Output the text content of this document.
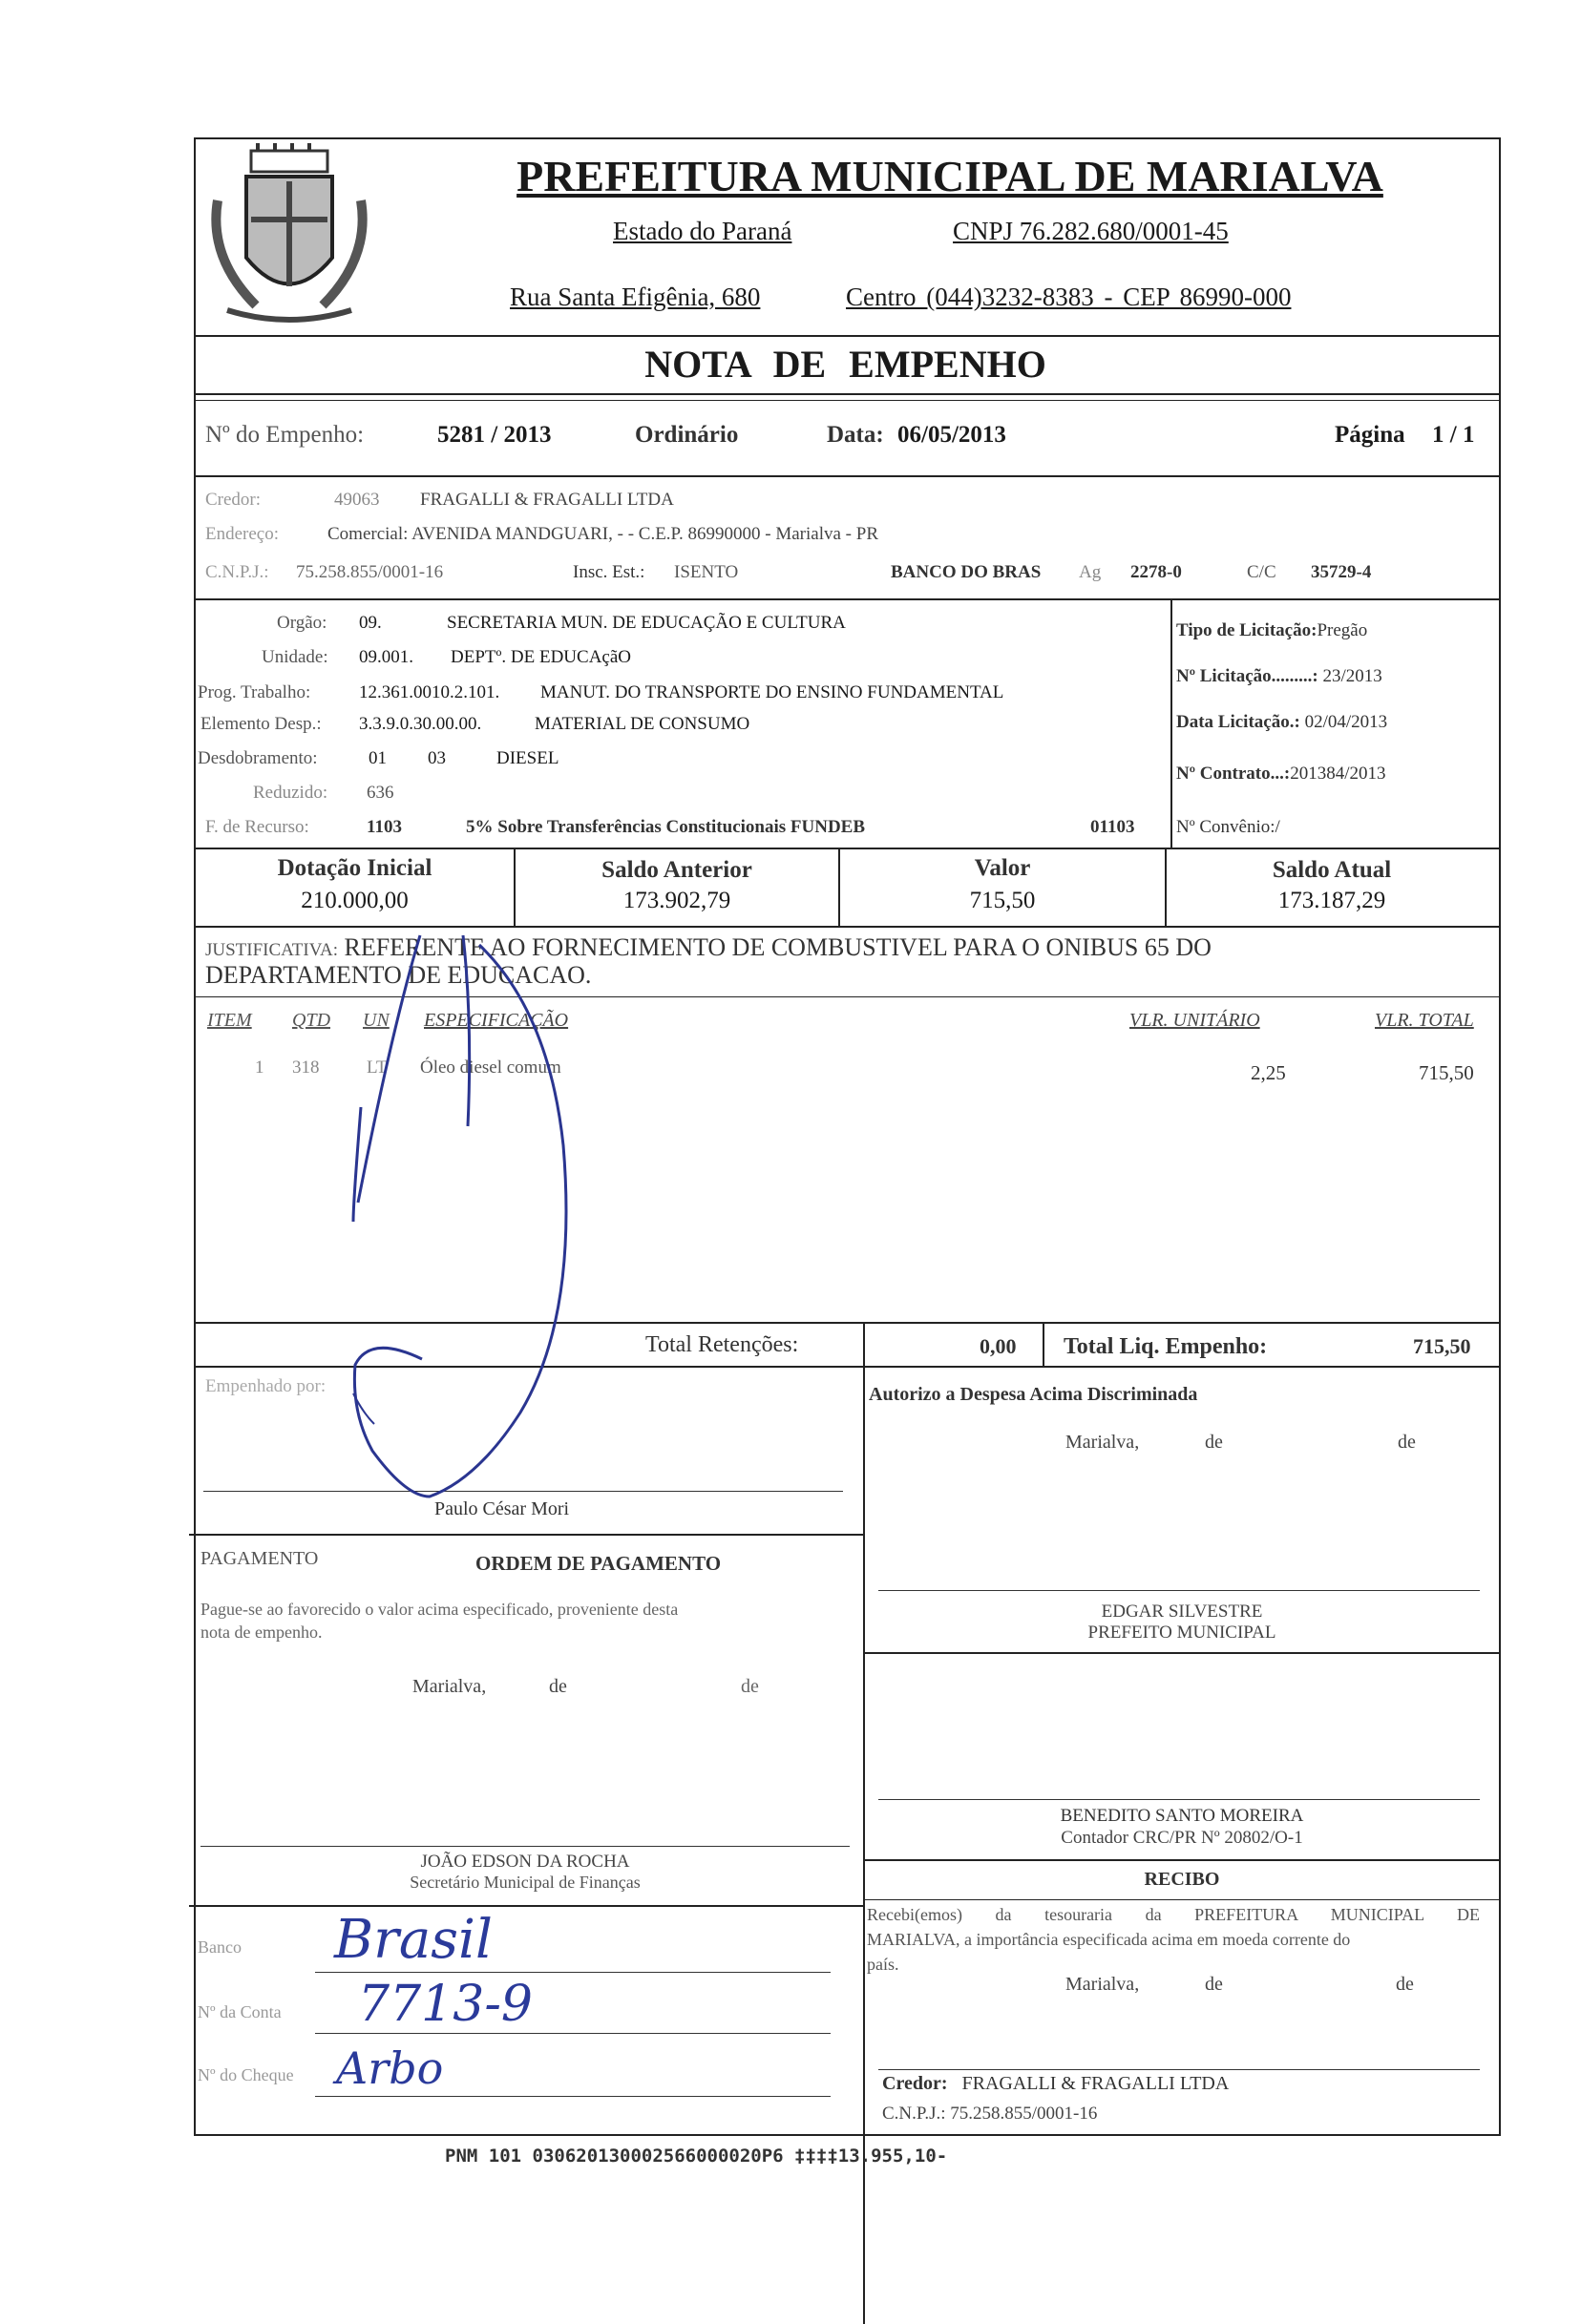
PREFEITURA MUNICIPAL DE MARIALVA
Estado do Paraná	CNPJ 76.282.680/0001-45
Rua Santa Efigênia, 680	Centro (044)3232-8383 - CEP 86990-000
NOTA DE EMPENHO
Nº do Empenho:	5281 / 2013	Ordinário	Data: 06/05/2013	Página 1 / 1
Credor:	49063 FRAGALLI & FRAGALLI LTDA
Endereço:	Comercial: AVENIDA MANDGUARI, - - C.E.P. 86990000 - Marialva - PR
C.N.P.J.: 75.258.855/0001-16	Insc. Est.: ISENTO	BANCO DO BRAS Ag 2278-0	C/C 35729-4
Orgão: 09.	SECRETARIA MUN. DE EDUCAÇÃO E CULTURA
Unidade: 09.001. DEPTº. DE EDUCAçãO
Prog. Trabalho:	12.361.0010.2.101. MANUT. DO TRANSPORTE DO ENSINO FUNDAMENTAL
Elemento Desp.: 3.3.9.0.30.00.00.	MATERIAL DE CONSUMO
Desdobramento:	01 03	DIESEL
Reduzido: 636
F. de Recurso:	1103	5% Sobre Transferências Constitucionais FUNDEB	01103
Tipo de Licitação:Pregão
Nº Licitação.........: 23/2013
Data Licitação.: 02/04/2013
Nº Contrato...:201384/2013
Nº Convênio:/
Dotação Inicial
210.000,00
Saldo Anterior
173.902,79
Valor
715,50
Saldo Atual
173.187,29
JUSTIFICATIVA: REFERENTE AO FORNECIMENTO DE COMBUSTIVEL PARA O ONIBUS 65 DO
DEPARTAMENTO DE EDUCACAO.
ITEM QTD UN ESPECIFICAÇÃO	VLR. UNITÁRIO	VLR. TOTAL
1 318	LT Óleo diesel comum	2,25	715,50
Total Retenções:	0,00 Total Liq. Empenho:	715,50
Empenhado por:
Paulo César Mori
Autorizo a Despesa Acima Discriminada
Marialva,	de	de
PAGAMENTO	ORDEM DE PAGAMENTO
Pague-se ao favorecido o valor acima especificado, proveniente desta
nota de empenho.
Marialva,	de	de
JOÃO EDSON DA ROCHA
Secretário Municipal de Finanças
Banco Brasil
Nº da Conta 7713-9
Nº do Cheque Arbo
EDGAR SILVESTRE
PREFEITO MUNICIPAL
BENEDITO SANTO MOREIRA
Contador CRC/PR Nº 20802/O-1
RECIBO
Recebi(emos) da tesouraria da PREFEITURA MUNICIPAL DE
MARIALVA, a importância especificada acima em moeda corrente do
país.
Marialva,	de	de
Credor: FRAGALLI & FRAGALLI LTDA
C.N.P.J.: 75.258.855/0001-16
PNM 101 030620130002566000020P6 ‡‡‡‡13.955,10-
